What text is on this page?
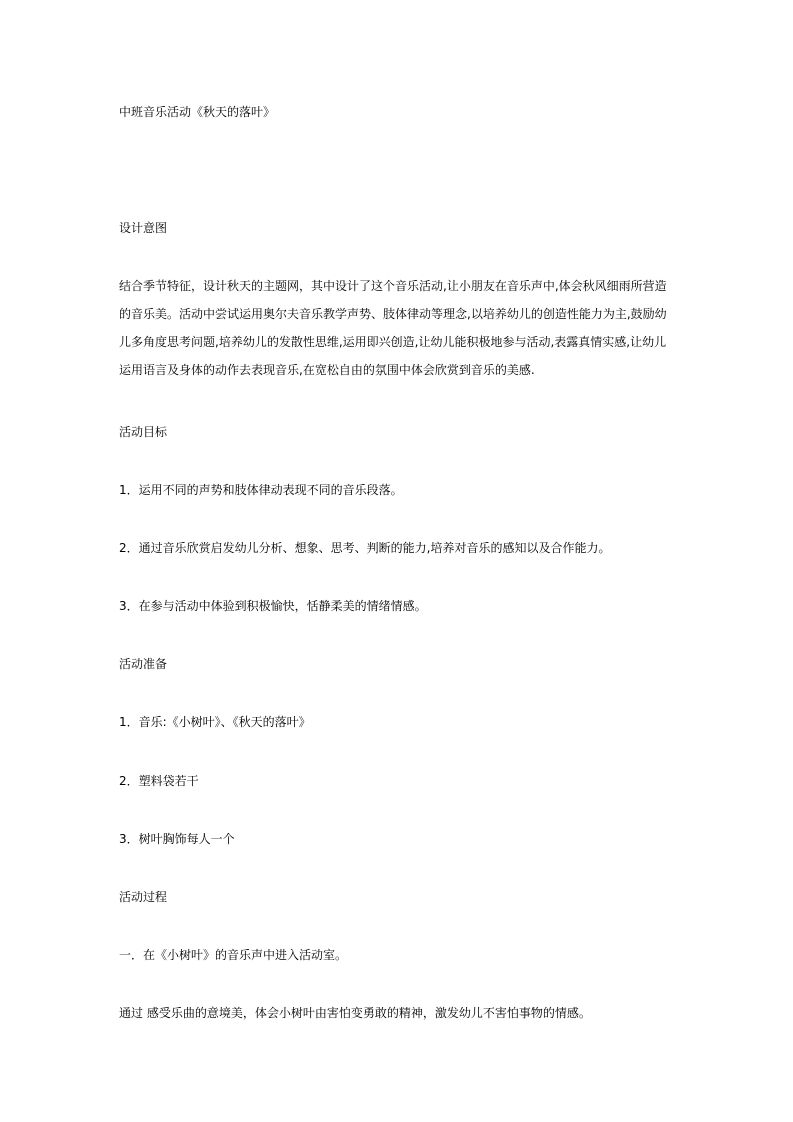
中班音乐活动《秋天的落叶》
设计意图
结合季节特征，设计秋天的主题网，其中设计了这个音乐活动,让小朋友在音乐声中,体会秋风细雨所营造
的音乐美。活动中尝试运用奥尔夫音乐教学声势、肢体律动等理念,以培养幼儿的创造性能力为主,鼓励幼
儿多角度思考问题,培养幼儿的发散性思维,运用即兴创造,让幼儿能积极地参与活动,表露真情实感,让幼儿
运用语言及身体的动作去表现音乐,在宽松自由的氛围中体会欣赏到音乐的美感.
活动目标
1．运用不同的声势和肢体律动表现不同的音乐段落。
2．通过音乐欣赏启发幼儿分析、想象、思考、判断的能力,培养对音乐的感知以及合作能力。
3．在参与活动中体验到积极愉快，恬静柔美的情绪情感。
活动准备
1．音乐:《小树叶》、《秋天的落叶》
2．塑料袋若干
3．树叶胸饰每人一个
活动过程
一．在《小树叶》的音乐声中进入活动室。
通过 感受乐曲的意境美，体会小树叶由害怕变勇敢的精神，激发幼儿不害怕事物的情感。
